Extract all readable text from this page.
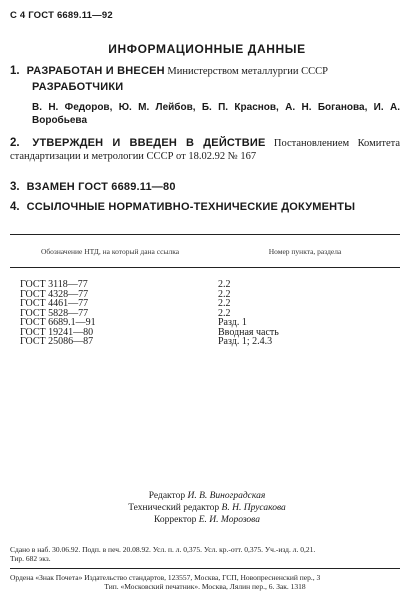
С 4 ГОСТ 6689.11—92
ИНФОРМАЦИОННЫЕ ДАННЫЕ
1. РАЗРАБОТАН И ВНЕСЕН Министерством металлургии СССР
РАЗРАБОТЧИКИ
В. Н. Федоров, Ю. М. Лейбов, Б. П. Краснов, А. Н. Боганова, И. А. Воробьева
2. УТВЕРЖДЕН И ВВЕДЕН В ДЕЙСТВИЕ Постановлением Комитета стандартизации и метрологии СССР от 18.02.92 № 167
3. ВЗАМЕН ГОСТ 6689.11—80
4. ССЫЛОЧНЫЕ НОРМАТИВНО-ТЕХНИЧЕСКИЕ ДОКУМЕНТЫ
Обозначение НТД, на который дана ссылка	Номер пункта, раздела
ГОСТ 3118—77	2.2
ГОСТ 4328—77	2.2
ГОСТ 4461—77	2.2
ГОСТ 5828—77	2.2
ГОСТ 6689.1—91	Разд. 1
ГОСТ 19241—80	Вводная часть
ГОСТ 25086—87	Разд. 1; 2.4.3
Редактор И. В. Виноградская
Технический редактор В. Н. Прусакова
Корректор Е. И. Морозова
Сдано в наб. 30.06.92. Подп. в печ. 20.08.92. Усл. п. л. 0,375. Усл. кр.-отт. 0,375. Уч.-изд. л. 0,21.
Тир. 682 экз.
Ордена «Знак Почета» Издательство стандартов, 123557, Москва, ГСП, Новопресненский пер., 3
Тип. «Московский печатник». Москва, Лялин пер., 6. Зак. 1318
